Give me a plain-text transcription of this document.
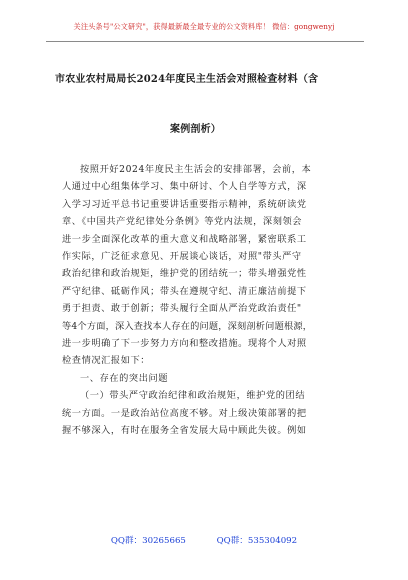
关注头条号"公文研究"，获得最新最全最专业的公文资料库！ 微信：gongwenyj
市农业农村局局长2024年度民主生活会对照检查材料（含
案例剖析）

按照开好2024年度民主生活会的安排部署，会前，本

人通过中心组集体学习、集中研讨、个人自学等方式，深

入学习习近平总书记重要讲话重要指示精神，系统研读党

章、《中国共产党纪律处分条例》等党内法规，深刻领会

进一步全面深化改革的重大意义和战略部署，紧密联系工

作实际，广泛征求意见、开展谈心谈话，对照"带头严守

政治纪律和政治规矩，维护党的团结统一；带头增强党性

严守纪律、砥砺作风；带头在遵规守纪、清正廉洁前提下

勇于担责、敢于创新；带头履行全面从严治党政治责任"

等4个方面，深入查找本人存在的问题，深刻剖析问题根源，

进一步明确了下一步努力方向和整改措施。现将个人对照

检查情况汇报如下：

一、存在的突出问题

（一）带头严守政治纪律和政治规矩，维护党的团结

统一方面。一是政治站位高度不够。对上级决策部署的把

握不够深入，有时在服务全省发展大局中顾此失彼。例如

QQ群：30265665	QQ群：535304092
